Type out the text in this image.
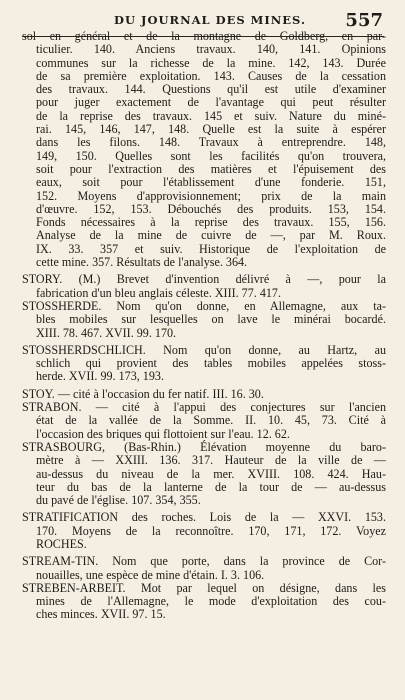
DU JOURNAL DES MINES.	557
sol en général et de la montagne de Goldberg, en par-
ticulier. 140. Anciens travaux. 140, 141. Opinions
communes sur la richesse de la mine. 142, 143. Durée
de sa première exploitation. 143. Causes de la cessation
des travaux. 144. Questions qu'il est utile d'examiner
pour juger exactement de l'avantage qui peut résulter
de la reprise des travaux. 145 et suiv. Nature du miné-
rai. 145, 146, 147, 148. Quelle est la suite à espérer
dans les filons. 148. Travaux à entreprendre. 148,
149, 150. Quelles sont les facilités qu'on trouvera,
soit pour l'extraction des matières et l'épuisement des
eaux, soit pour l'établissement d'une fonderie. 151,
152. Moyens d'approvisionnement; prix de la main
d'œuvre. 152, 153. Débouchés des produits. 153, 154.
Fonds nécessaires à la reprise des travaux. 155, 156.
Analyse de la mine de cuivre de —, par M. Roux.
IX. 33. 357 et suiv. Historique de l'exploitation de
cette mine. 357. Résultats de l'analyse. 364.
STORY. (M.) Brevet d'invention délivré à —, pour la
fabrication d'un bleu anglais céleste. XIII. 77. 417.
STOSSHERDE. Nom qu'on donne, en Allemagne, aux ta-
bles mobiles sur lesquelles on lave le minérai bocardé.
XIII. 78. 467. XVII. 99. 170.
STOSSHERDSCHLICH. Nom qu'on donne, au Hartz, au
schlich qui provient des tables mobiles appelées stoss-
herde. XVII. 99. 173, 193.
STOY. — cité à l'occasion du fer natif. III. 16. 30.
STRABON. — cité à l'appui des conjectures sur l'ancien
état de la vallée de la Somme. II. 10. 45, 73. Cité à
l'occasion des briques qui flottoient sur l'eau. 12. 62.
STRASBOURG, (Bas-Rhin.) Élévation moyenne du baro-
mètre à — XXIII. 136. 317. Hauteur de la ville de —
au-dessus du niveau de la mer. XVIII. 108. 424. Hau-
teur du bas de la lanterne de la tour de — au-dessus
du pavé de l'église. 107. 354, 355.
STRATIFICATION des roches. Lois de la — XXVI. 153.
170. Moyens de la reconnoître. 170, 171, 172. Voyez
ROCHES.
STREAM-TIN. Nom que porte, dans la province de Cor-
nouailles, une espèce de mine d'étain. I. 3. 106.
STREBEN-ARBEIT. Mot par lequel on désigne, dans les
mines de l'Allemagne, le mode d'exploitation des cou-
ches minces. XVII. 97. 15.
